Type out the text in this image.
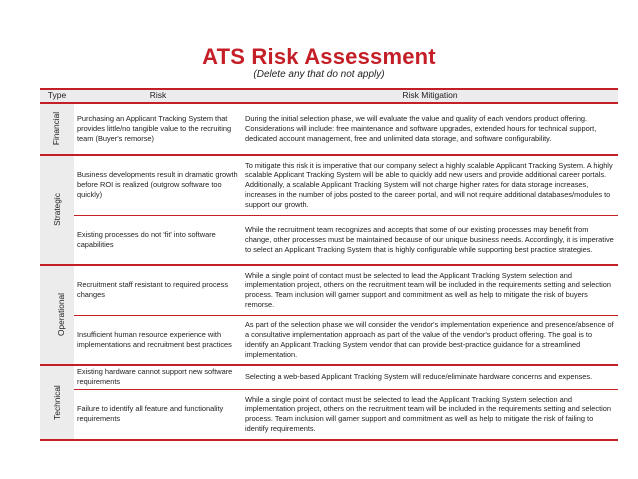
ATS Risk Assessment
(Delete any that do not apply)
Type	Risk	Risk Mitigation
Financial	Purchasing an Applicant Tracking System that provides little/no tangible value to the recruiting team (Buyer's remorse)	During the initial selection phase, we will evaluate the value and quality of each vendors product offering. Considerations will include: free maintenance and software upgrades, extended hours for technical support, dedicated account management, free and unlimited data storage, and software configurability.
Strategic	Business developments result in dramatic growth before ROI is realized (outgrow software too quickly)	To mitigate this risk it is imperative that our company select a highly scalable Applicant Tracking System. A highly scalable Applicant Tracking System will be able to quickly add new users and provide additional career portals. Additionally, a scalable Applicant Tracking System will not charge higher rates for data storage increases, increases in the number of jobs posted to the career portal, and will not require additional databases/modules to support our growth.
	Existing processes do not 'fit' into software capabilities	While the recruitment team recognizes and accepts that some of our existing processes may benefit from change, other processes must be maintained because of our unique business needs. Accordingly, it is imperative to select an Applicant Tracking System that is highly configurable while supporting best practice strategies.
Operational	Recruitment staff resistant to required process changes	While a single point of contact must be selected to lead the Applicant Tracking System selection and implementation project, others on the recruitment team will be included in the requirements setting and selection process. Team inclusion will garner support and commitment as well as help to mitigate the risk of buyers remorse.
	Insufficient human resource experience with implementations and recruitment best practices	As part of the selection phase we will consider the vendor's implementation experience and presence/absence of a consultative implementation approach as part of the value of the vendor's product offering. The goal is to identify an Applicant Tracking System vendor that can provide best-practice guidance for a streamlined implementation.
Technical	Existing hardware cannot support new software requirements	Selecting a web-based Applicant Tracking System will reduce/eliminate hardware concerns and expenses.
	Failure to identify all feature and functionality requirements	While a single point of contact must be selected to lead the Applicant Tracking System selection and implementation project, others on the recruitment team will be included in the requirements setting and selection process. Team inclusion will garner support and commitment as well as help to mitigate the risk of failing to identify requirements.
